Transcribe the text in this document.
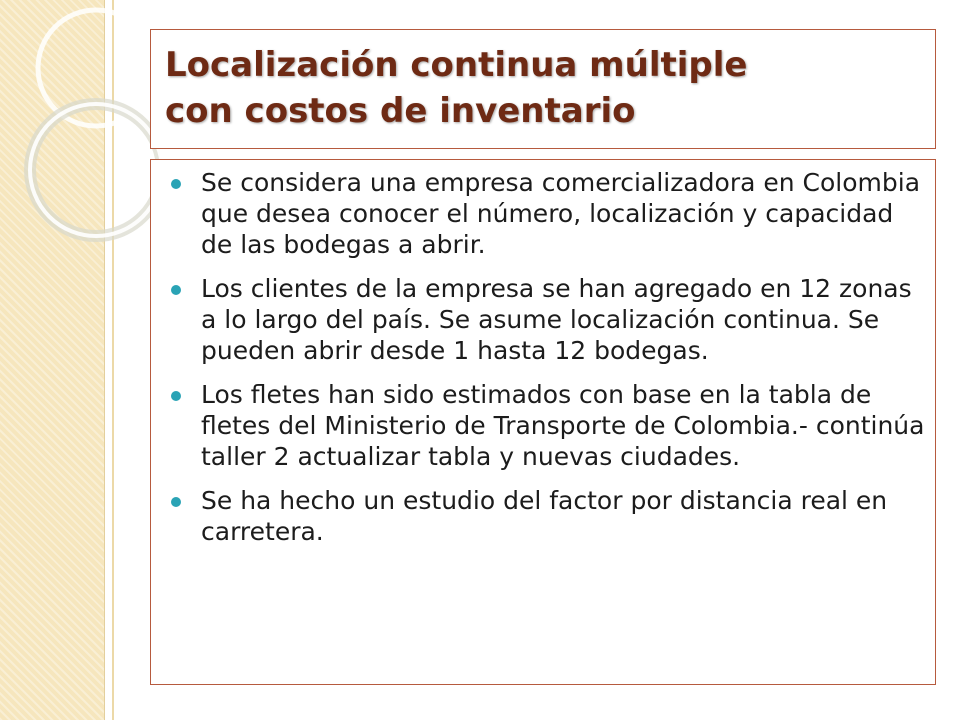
Localización continua múltiple
con costos de inventario
Se considera una empresa comercializadora en Colombia que desea conocer el número, localización y capacidad de las bodegas a abrir.
Los clientes de la empresa se han agregado en 12 zonas a lo largo del país. Se asume localización continua. Se pueden abrir desde 1 hasta 12 bodegas.
Los fletes han sido estimados con base en la tabla de fletes del Ministerio de Transporte de Colombia.- continúa taller 2 actualizar tabla y nuevas ciudades.
Se ha hecho un estudio del factor por distancia real en carretera.
